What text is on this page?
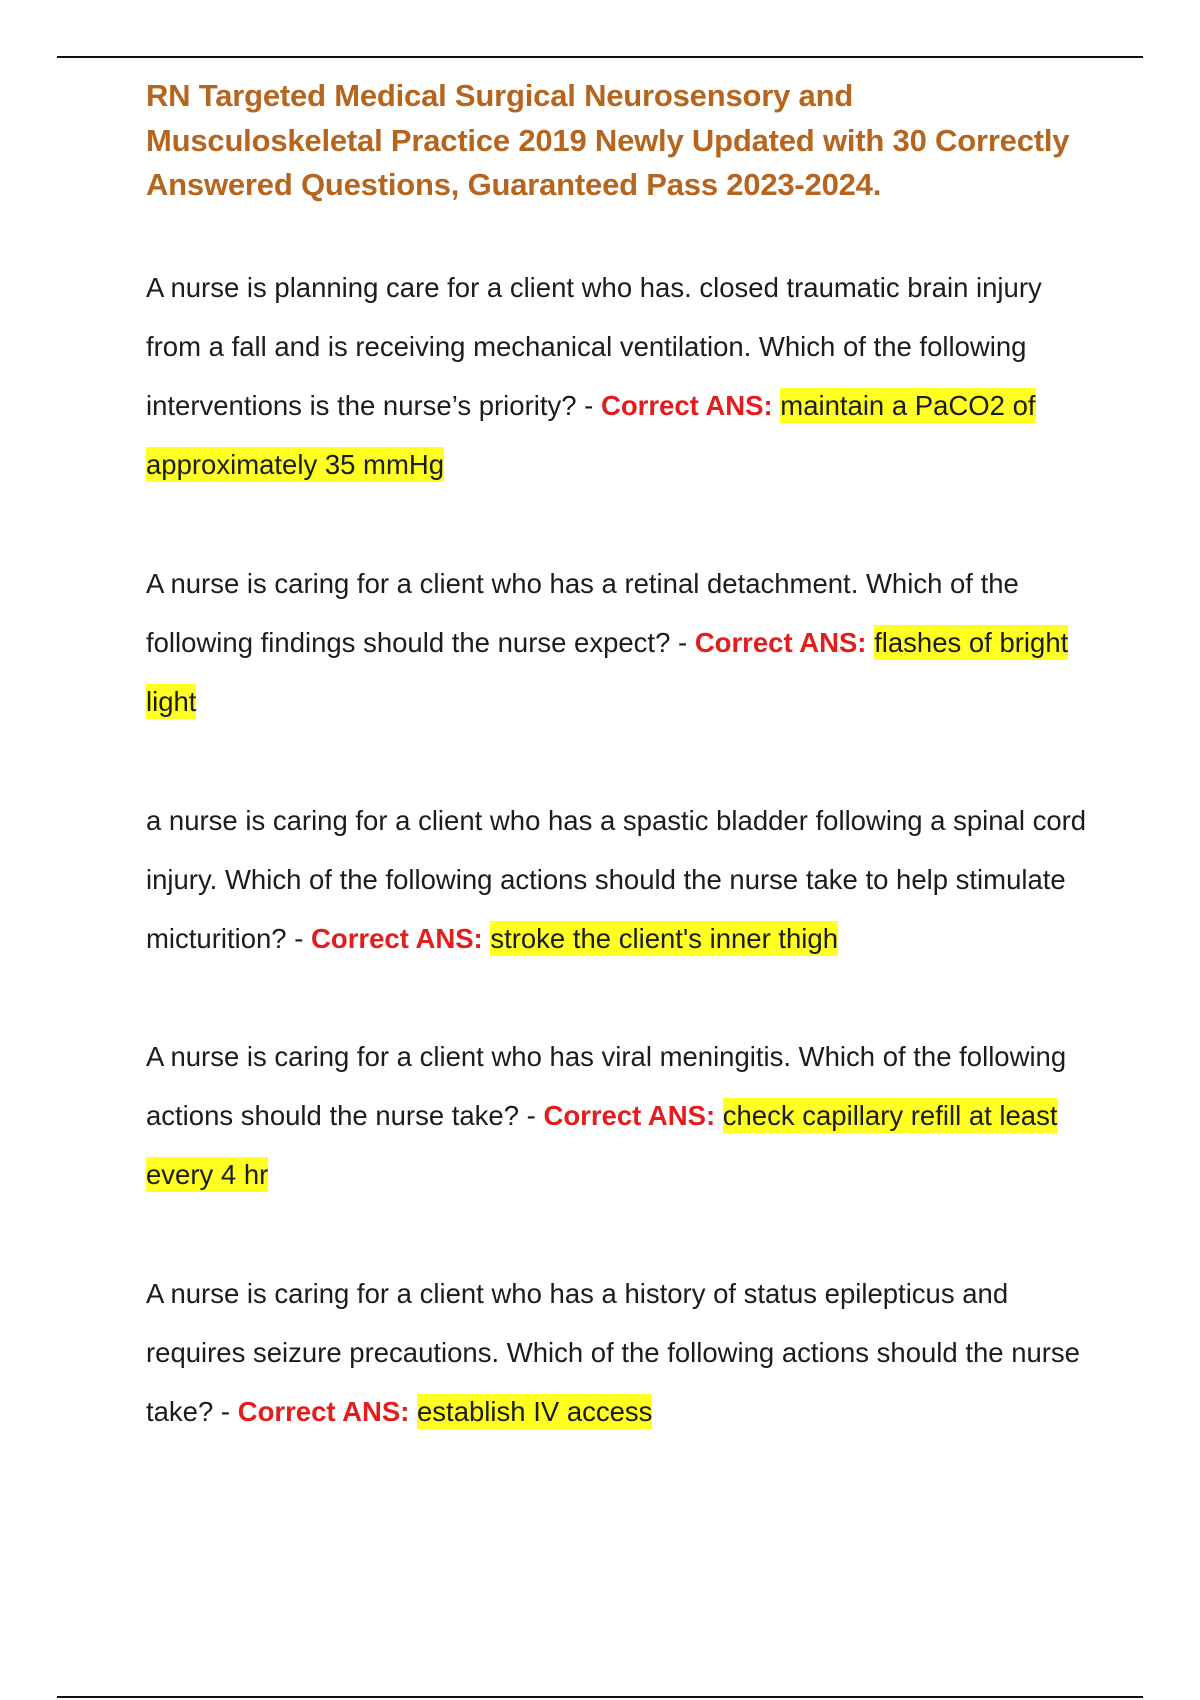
RN Targeted Medical Surgical Neurosensory and Musculoskeletal Practice 2019 Newly Updated with 30 Correctly Answered Questions, Guaranteed Pass 2023-2024.

A nurse is planning care for a client who has. closed traumatic brain injury from a fall and is receiving mechanical ventilation. Which of the following interventions is the nurse’s priority? - Correct ANS: maintain a PaCO2 of approximately 35 mmHg

A nurse is caring for a client who has a retinal detachment. Which of the following findings should the nurse expect? - Correct ANS: flashes of bright light

a nurse is caring for a client who has a spastic bladder following a spinal cord injury. Which of the following actions should the nurse take to help stimulate micturition? - Correct ANS: stroke the client's inner thigh

A nurse is caring for a client who has viral meningitis. Which of the following actions should the nurse take? - Correct ANS: check capillary refill at least every 4 hr

A nurse is caring for a client who has a history of status epilepticus and requires seizure precautions. Which of the following actions should the nurse take? - Correct ANS: establish IV access
